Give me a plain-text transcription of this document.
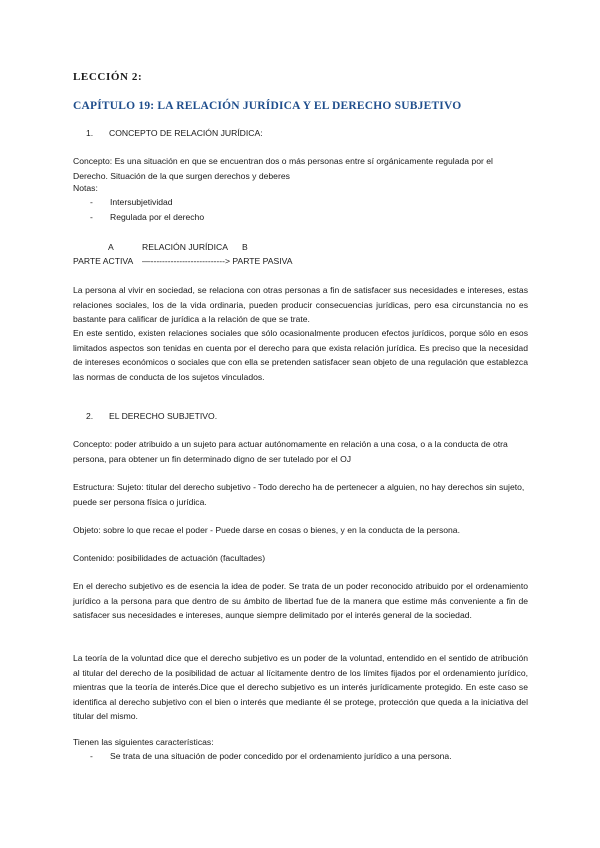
LECCIÓN 2:
CAPÍTULO 19: LA RELACIÓN JURÍDICA Y EL DERECHO SUBJETIVO
1. CONCEPTO DE RELACIÓN JURÍDICA:
Concepto: Es una situación en que se encuentran dos o más personas entre sí orgánicamente regulada por el Derecho. Situación de la que surgen derechos y deberes
Notas:
- Intersubjetividad
- Regulada por el derecho
A	RELACIÓN JURÍDICA B
PARTE ACTIVA —--------------------------> PARTE PASIVA
La persona al vivir en sociedad, se relaciona con otras personas a fin de satisfacer sus necesidades e intereses, estas relaciones sociales, los de la vida ordinaria, pueden producir consecuencias jurídicas, pero esa circunstancia no es bastante para calificar de jurídica a la relación de que se trate.
En este sentido, existen relaciones sociales que sólo ocasionalmente producen efectos jurídicos, porque sólo en esos limitados aspectos son tenidas en cuenta por el derecho para que exista relación jurídica. Es preciso que la necesidad de intereses económicos o sociales que con ella se pretenden satisfacer sean objeto de una regulación que establezca las normas de conducta de los sujetos vinculados.
2. EL DERECHO SUBJETIVO.
Concepto: poder atribuido a un sujeto para actuar autónomamente en relación a una cosa, o a la conducta de otra persona, para obtener un fin determinado digno de ser tutelado por el OJ
Estructura: Sujeto: titular del derecho subjetivo - Todo derecho ha de pertenecer a alguien, no hay derechos sin sujeto, puede ser persona física o jurídica.
Objeto: sobre lo que recae el poder - Puede darse en cosas o bienes, y en la conducta de la persona.
Contenido: posibilidades de actuación (facultades)
En el derecho subjetivo es de esencia la idea de poder. Se trata de un poder reconocido atribuido por el ordenamiento jurídico a la persona para que dentro de su ámbito de libertad fue de la manera que estime más conveniente a fin de satisfacer sus necesidades e intereses, aunque siempre delimitado por el interés general de la sociedad.
La teoría de la voluntad dice que el derecho subjetivo es un poder de la voluntad, entendido en el sentido de atribución al titular del derecho de la posibilidad de actuar al lícitamente dentro de los límites fijados por el ordenamiento jurídico, mientras que la teoría de interés.Dice que el derecho subjetivo es un interés jurídicamente protegido. En este caso se identifica al derecho subjetivo con el bien o interés que mediante él se protege, protección que queda a la iniciativa del titular del mismo.
Tienen las siguientes características:
- Se trata de una situación de poder concedido por el ordenamiento jurídico a una persona.
